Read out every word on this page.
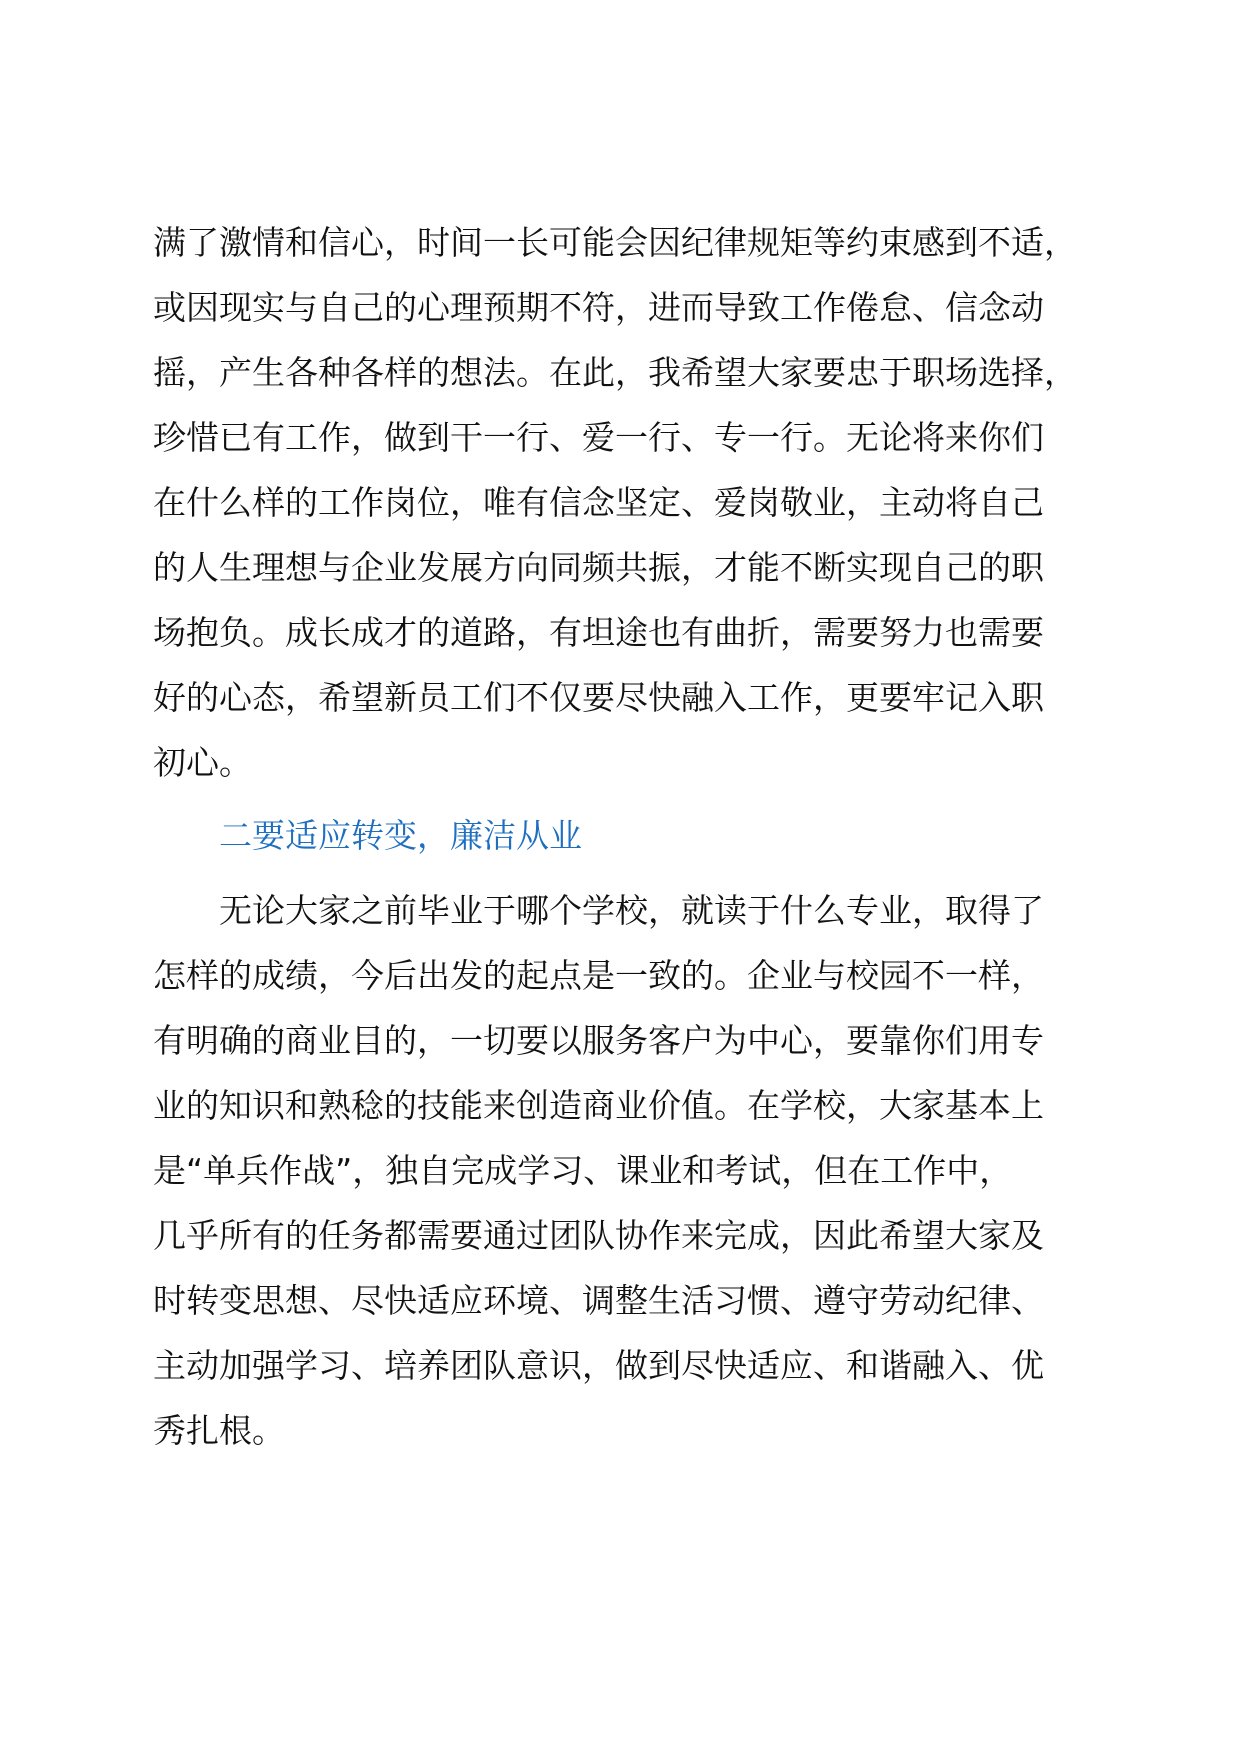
满了激情和信心，时间一长可能会因纪律规矩等约束感到不适，
或因现实与自己的心理预期不符，进而导致工作倦怠、信念动
摇，产生各种各样的想法。在此，我希望大家要忠于职场选择，
珍惜已有工作，做到干一行、爱一行、专一行。无论将来你们
在什么样的工作岗位，唯有信念坚定、爱岗敬业，主动将自己
的人生理想与企业发展方向同频共振，才能不断实现自己的职
场抱负。成长成才的道路，有坦途也有曲折，需要努力也需要
好的心态，希望新员工们不仅要尽快融入工作，更要牢记入职
初心。
二要适应转变，廉洁从业
无论大家之前毕业于哪个学校，就读于什么专业，取得了
怎样的成绩，今后出发的起点是一致的。企业与校园不一样，
有明确的商业目的，一切要以服务客户为中心，要靠你们用专
业的知识和熟稔的技能来创造商业价值。在学校，大家基本上
是“单兵作战”，独自完成学习、课业和考试，但在工作中，
几乎所有的任务都需要通过团队协作来完成，因此希望大家及
时转变思想、尽快适应环境、调整生活习惯、遵守劳动纪律、
主动加强学习、培养团队意识，做到尽快适应、和谐融入、优
秀扎根。
